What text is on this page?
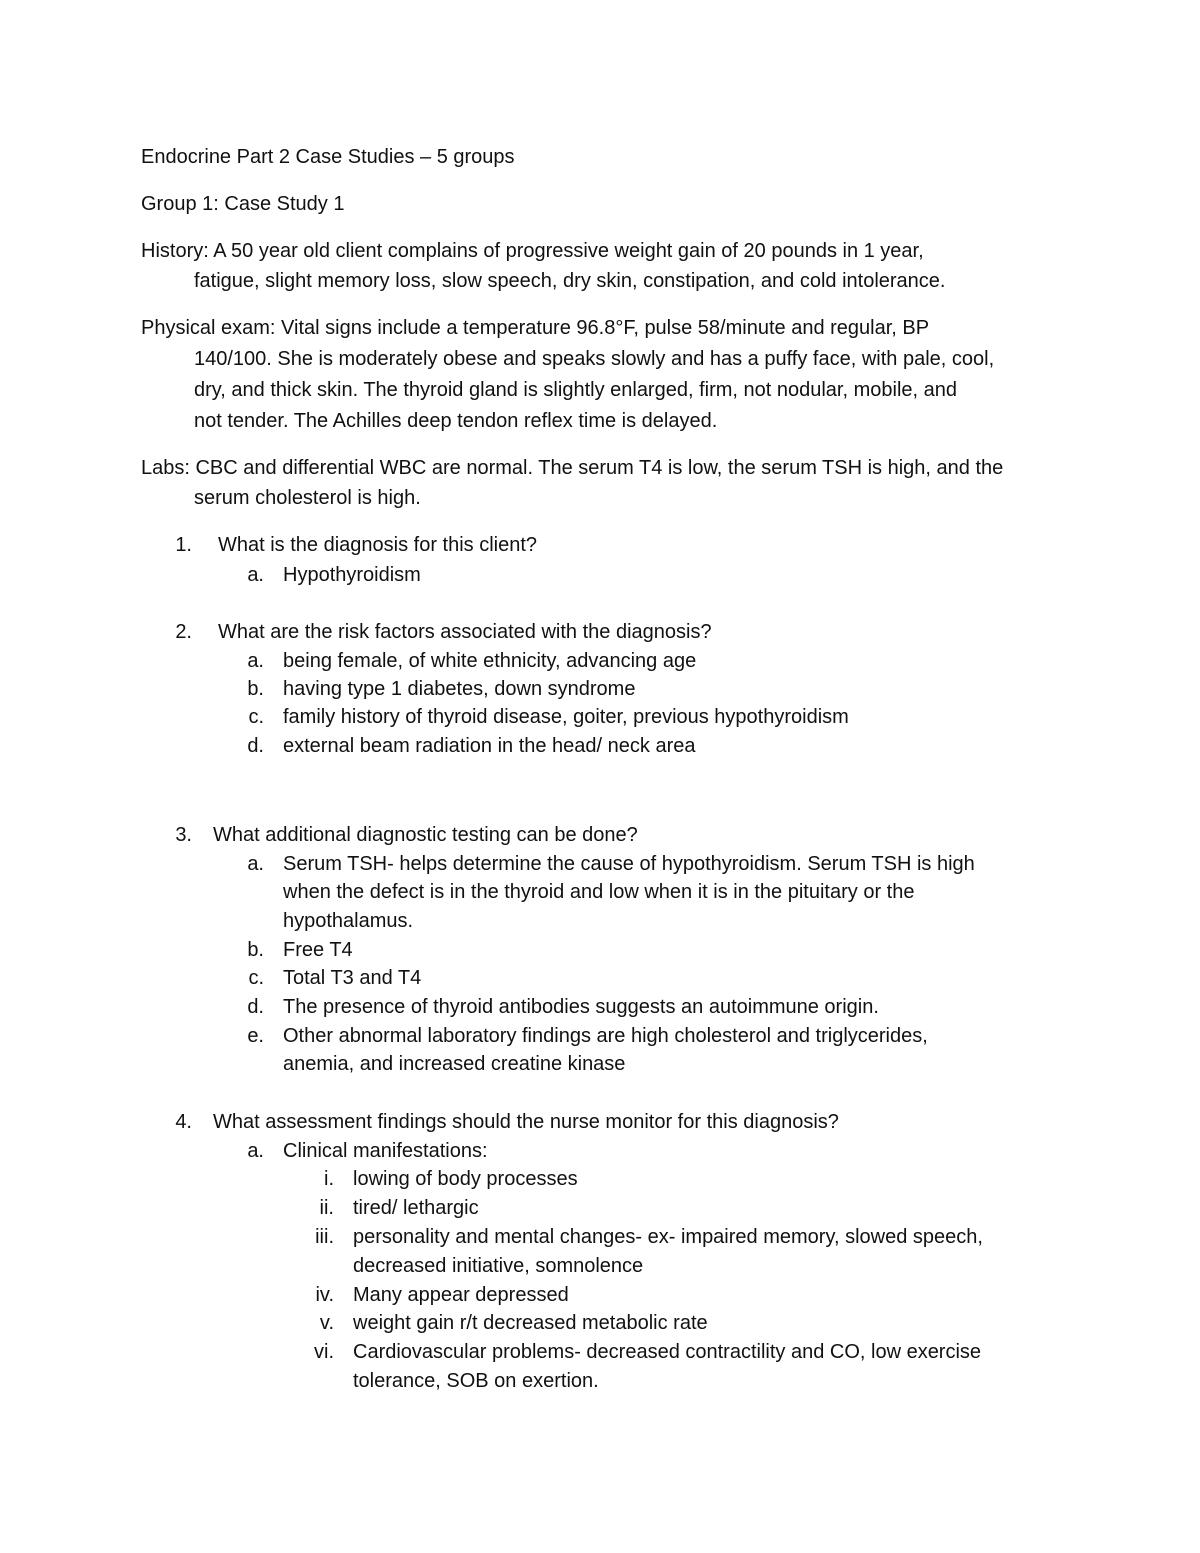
Endocrine Part 2 Case Studies – 5 groups
Group 1: Case Study 1
History: A 50 year old client complains of progressive weight gain of 20 pounds in 1 year,
fatigue, slight memory loss, slow speech, dry skin, constipation, and cold intolerance.
Physical exam: Vital signs include a temperature 96.8°F, pulse 58/minute and regular, BP
140/100. She is moderately obese and speaks slowly and has a puffy face, with pale, cool,
dry, and thick skin. The thyroid gland is slightly enlarged, firm, not nodular, mobile, and
not tender. The Achilles deep tendon reflex time is delayed.
Labs: CBC and differential WBC are normal. The serum T4 is low, the serum TSH is high, and the
serum cholesterol is high.
1. What is the diagnosis for this client?
a. Hypothyroidism
2. What are the risk factors associated with the diagnosis?
a. being female, of white ethnicity, advancing age
b. having type 1 diabetes, down syndrome
c. family history of thyroid disease, goiter, previous hypothyroidism
d. external beam radiation in the head/ neck area
3. What additional diagnostic testing can be done?
a. Serum TSH- helps determine the cause of hypothyroidism. Serum TSH is high
when the defect is in the thyroid and low when it is in the pituitary or the
hypothalamus.
b. Free T4
c. Total T3 and T4
d. The presence of thyroid antibodies suggests an autoimmune origin.
e. Other abnormal laboratory findings are high cholesterol and triglycerides,
anemia, and increased creatine kinase
4. What assessment findings should the nurse monitor for this diagnosis?
a. Clinical manifestations:
i. lowing of body processes
ii. tired/ lethargic
iii. personality and mental changes- ex- impaired memory, slowed speech,
decreased initiative, somnolence
iv. Many appear depressed
v. weight gain r/t decreased metabolic rate
vi. Cardiovascular problems- decreased contractility and CO, low exercise
tolerance, SOB on exertion.
